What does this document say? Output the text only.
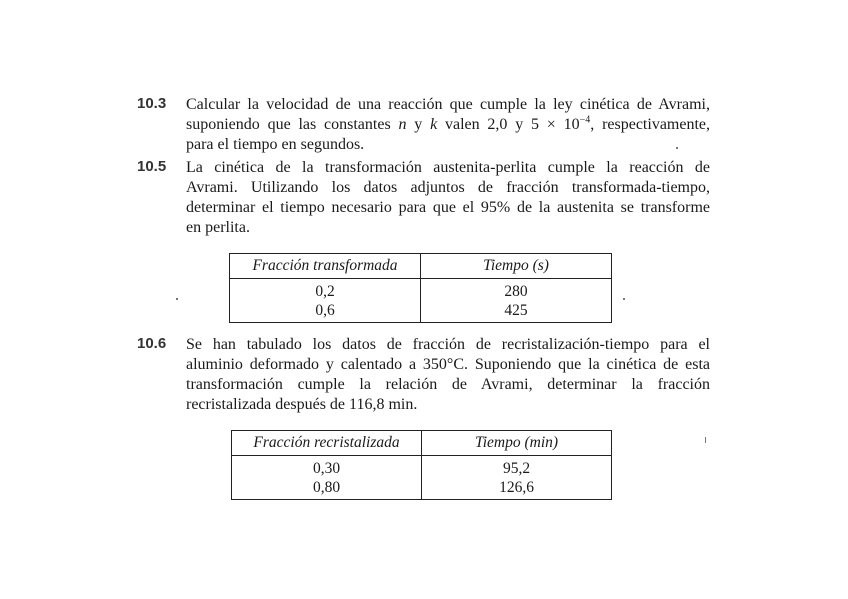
10.3 Calcular la velocidad de una reacción que cumple la ley cinética de Avrami,
suponiendo que las constantes n y k valen 2,0 y $5 \times 10^{-4}$, respectivamente,
para el tiempo en segundos.
10.5 La cinética de la transformación austenita-perlita cumple la reacción de
Avrami. Utilizando los datos adjuntos de fracción transformada-tiempo,
determinar el tiempo necesario para que el 95% de la austenita se transforme
en perlita.
Fracción transformada	Tiempo (s)
0,2	280
0,6	425
10.6 Se han tabulado los datos de fracción de recristalización-tiempo para el
aluminio deformado y calentado a 350°C. Suponiendo que la cinética de esta
transformación cumple la relación de Avrami, determinar la fracción
recristalizada después de 116,8 min.
Fracción recristalizada	Tiempo (min)
0,30	95,2
0,80	126,6
